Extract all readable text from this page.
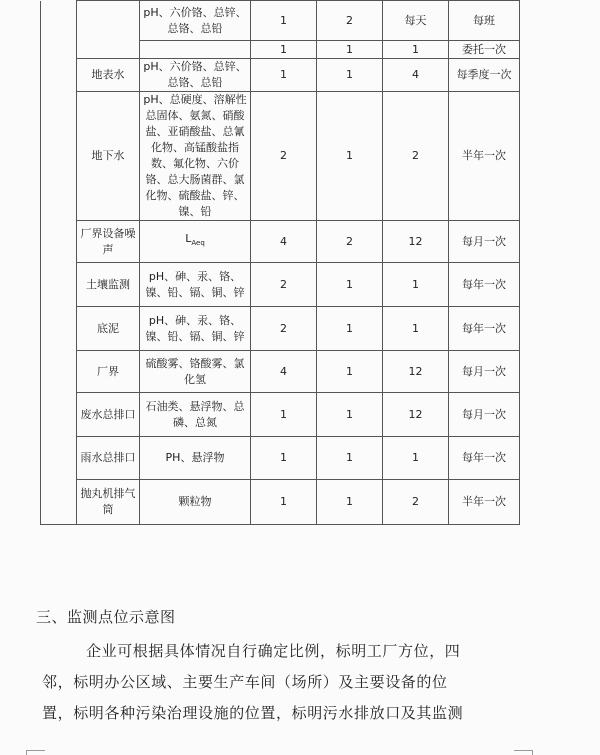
		pH、六价铬、总锌、总铬、总铅	1	2	每天	每班
			1	1	1	委托一次
	地表水	pH、六价铬、总锌、总铬、总铅	1	1	4	每季度一次
	地下水	pH、总硬度、溶解性总固体、氨氮、硝酸盐、亚硝酸盐、总氰化物、高锰酸盐指数、氟化物、六价铬、总大肠菌群、氯化物、硫酸盐、锌、镍、铅	2	1	2	半年一次
	厂界设备噪声	$L_{Aeq}$	4	2	12	每月一次
	土壤监测	pH、砷、汞、铬、镍、铅、镉、铜、锌	2	1	1	每年一次
	底泥	pH、砷、汞、铬、镍、铅、镉、铜、锌	2	1	1	每年一次
	厂界	硫酸雾、铬酸雾、氯化氢	4	1	12	每月一次
	废水总排口	石油类、悬浮物、总磷、总氮	1	1	12	每月一次
	雨水总排口	PH、悬浮物	1	1	1	每年一次
	抛丸机排气筒	颗粒物	1	1	2	半年一次
三、监测点位示意图
企业可根据具体情况自行确定比例，标明工厂方位，四
邻，标明办公区域、主要生产车间（场所）及主要设备的位
置，标明各种污染治理设施的位置，标明污水排放口及其监测
